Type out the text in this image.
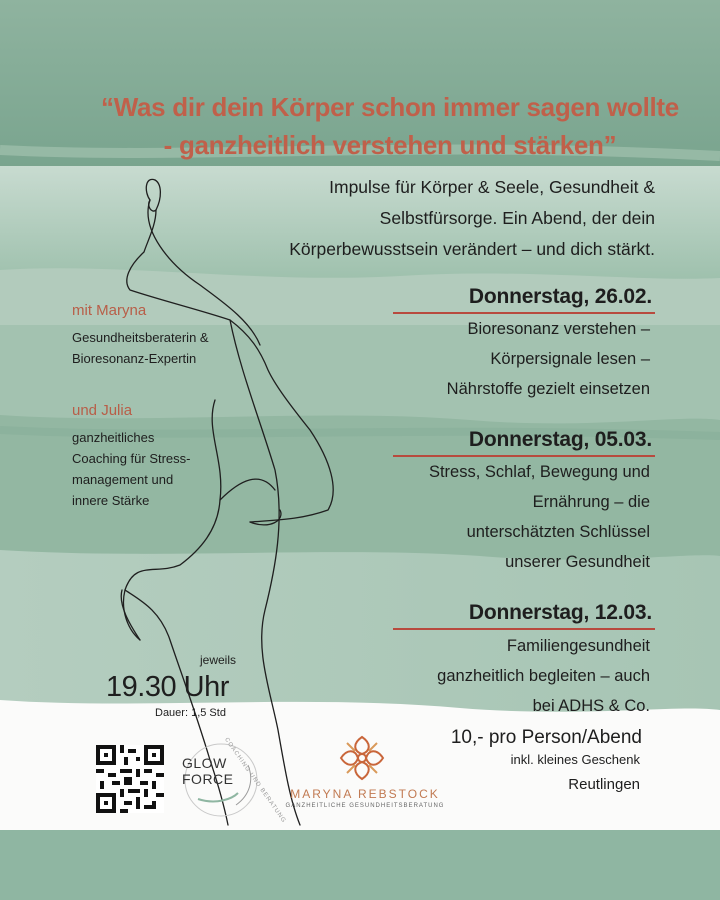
“Was dir dein Körper schon immer sagen wollte
- ganzheitlich verstehen und stärken”
Impulse für Körper & Seele, Gesundheit &
Selbstfürsorge. Ein Abend, der dein
Körperbewusstsein verändert – und dich stärkt.
Donnerstag, 26.02.
Bioresonanz verstehen –
Körpersignale lesen –
Nährstoffe gezielt einsetzen
Donnerstag, 05.03.
Stress, Schlaf, Bewegung und
Ernährung – die
unterschätzten Schlüssel
unserer Gesundheit
Donnerstag, 12.03.
Familiengesundheit
ganzheitlich begleiten – auch
bei ADHS & Co.
mit Maryna
Gesundheitsberaterin &
Bioresonanz-Expertin
und Julia
ganzheitliches
Coaching für Stress-
management und
innere Stärke
jeweils
19.30 Uhr
Dauer: 1,5 Std
GLOW
FORCE
COACHING UND BERATUNG MARYNA REBSTOCK
GANZHEITLICHE GESUNDHEITSBERATUNG
10,- pro Person/Abend
inkl. kleines Geschenk
Reutlingen
